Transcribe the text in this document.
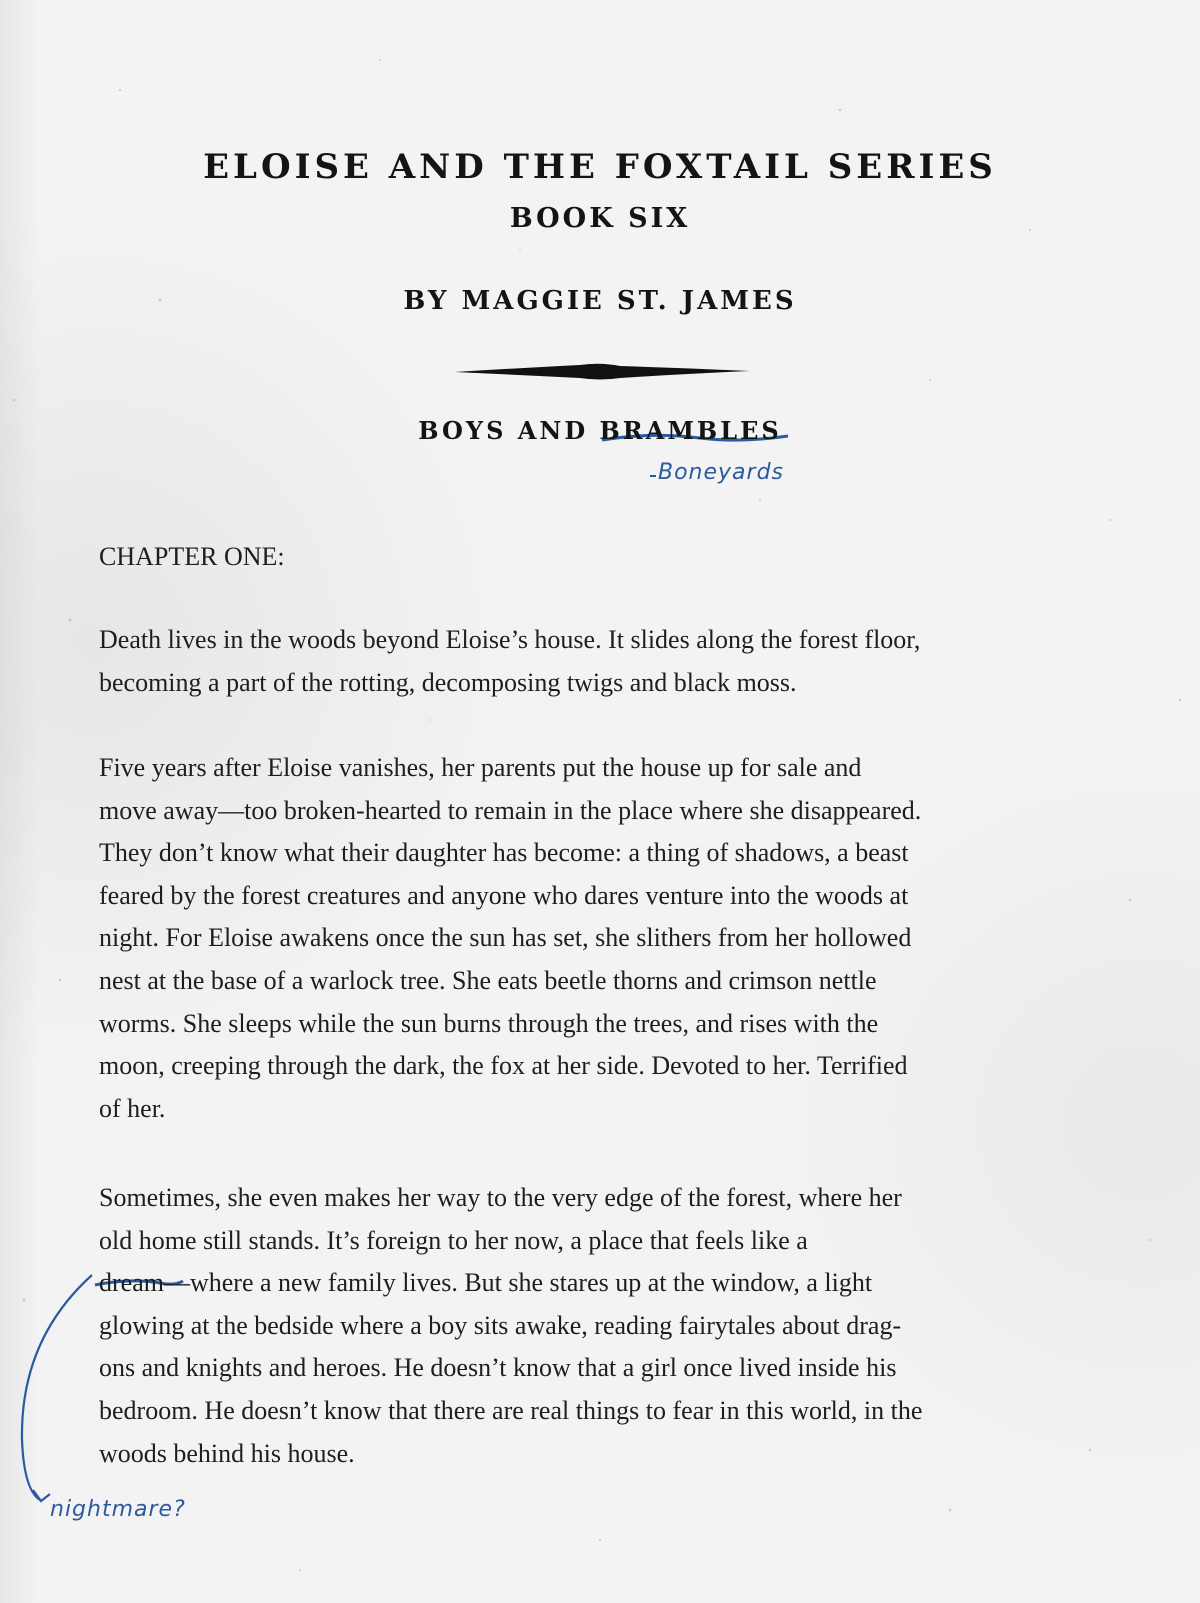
ELOISE AND THE FOXTAIL SERIES
BOOK SIX
BY MAGGIE ST. JAMES
BOYS AND BRAMBLES
Boneyards
CHAPTER ONE:
Death lives in the woods beyond Eloise’s house. It slides along the forest floor,
becoming a part of the rotting, decomposing twigs and black moss.
Five years after Eloise vanishes, her parents put the house up for sale and
move away—too broken-hearted to remain in the place where she disappeared.
They don’t know what their daughter has become: a thing of shadows, a beast
feared by the forest creatures and anyone who dares venture into the woods at
night. For Eloise awakens once the sun has set, she slithers from her hollowed
nest at the base of a warlock tree. She eats beetle thorns and crimson nettle
worms. She sleeps while the sun burns through the trees, and rises with the
moon, creeping through the dark, the fox at her side. Devoted to her. Terrified
of her.
Sometimes, she even makes her way to the very edge of the forest, where her
old home still stands. It’s foreign to her now, a place that feels like a
dream—where a new family lives. But she stares up at the window, a light
glowing at the bedside where a boy sits awake, reading fairytales about drag-
ons and knights and heroes. He doesn’t know that a girl once lived inside his
bedroom. He doesn’t know that there are real things to fear in this world, in the
woods behind his house.
nightmare?
